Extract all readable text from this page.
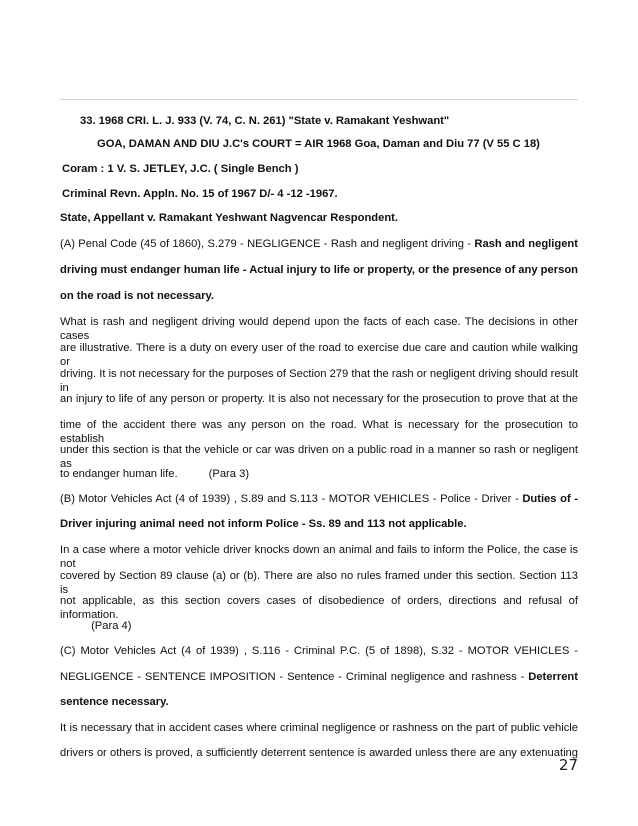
33. 1968 CRI. L. J. 933 (V. 74, C. N. 261) "State v. Ramakant Yeshwant"
GOA, DAMAN AND DIU J.C's COURT = AIR 1968 Goa, Daman and Diu 77 (V 55 C 18)
Coram : 1 V. S. JETLEY, J.C. ( Single Bench )
Criminal Revn. Appln. No. 15 of 1967 D/- 4 -12 -1967.
State, Appellant v. Ramakant Yeshwant Nagvencar Respondent.
(A) Penal Code (45 of 1860), S.279 - NEGLIGENCE - Rash and negligent driving - Rash and negligent
driving must endanger human life - Actual injury to life or property, or the presence of any person
on the road is not necessary.
What is rash and negligent driving would depend upon the facts of each case. The decisions in other cases
are illustrative. There is a duty on every user of the road to exercise due care and caution while walking or
driving. It is not necessary for the purposes of Section 279 that the rash or negligent driving should result in
an injury to life of any person or property. It is also not necessary for the prosecution to prove that at the
time of the accident there was any person on the road. What is necessary for the prosecution to establish
under this section is that the vehicle or car was driven on a public road in a manner so rash or negligent as
to endanger human life.          (Para 3)
(B) Motor Vehicles Act (4 of 1939) , S.89 and S.113 - MOTOR VEHICLES - Police - Driver - Duties of -
Driver injuring animal need not inform Police - Ss. 89 and 113 not applicable.
In a case where a motor vehicle driver knocks down an animal and fails to inform the Police, the case is not
covered by Section 89 clause (a) or (b). There are also no rules framed under this section. Section 113 is
not applicable, as this section covers cases of disobedience of orders, directions and refusal of information.
(Para 4)
(C) Motor Vehicles Act (4 of 1939) , S.116 - Criminal P.C. (5 of 1898), S.32 - MOTOR VEHICLES -
NEGLIGENCE - SENTENCE IMPOSITION - Sentence - Criminal negligence and rashness - Deterrent
sentence necessary.
It is necessary that in accident cases where criminal negligence or rashness on the part of public vehicle
drivers or others is proved, a sufficiently deterrent sentence is awarded unless there are any extenuating
27
